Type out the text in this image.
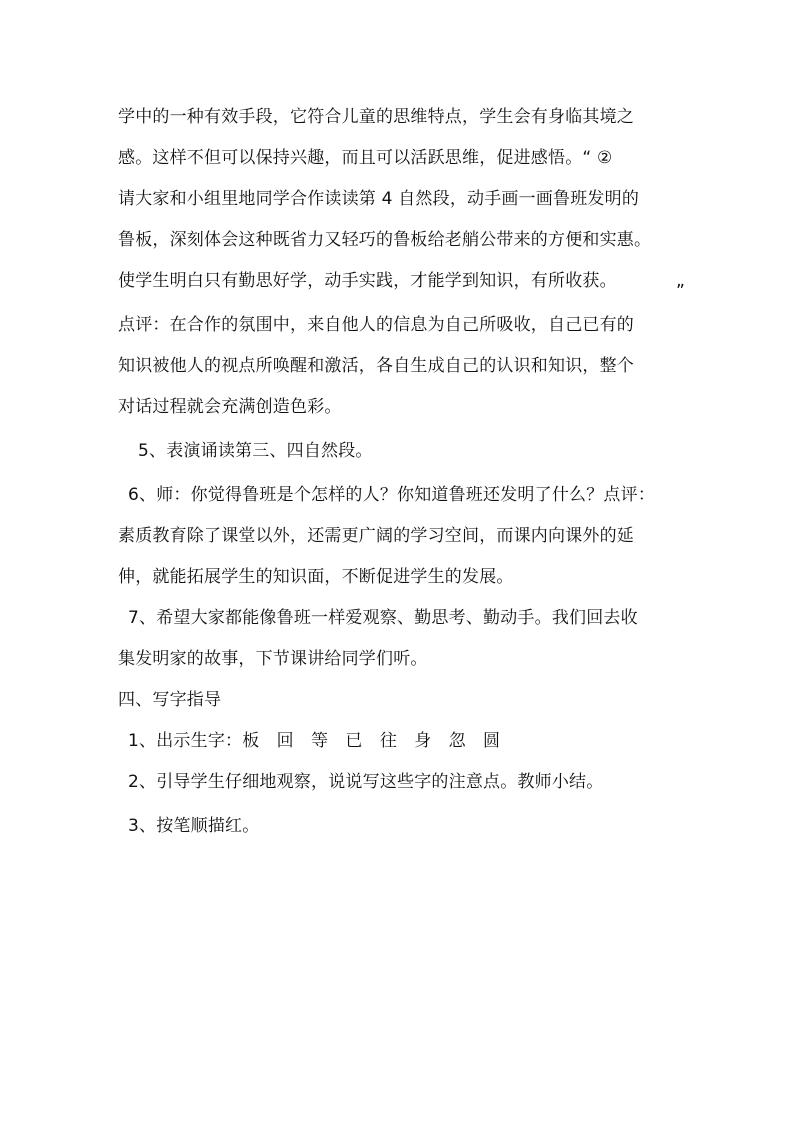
学中的一种有效手段，它符合儿童的思维特点，学生会有身临其境之
感。这样不但可以保持兴趣，而且可以活跃思维，促进感悟。“ ②
请大家和小组里地同学合作读读第 4 自然段，动手画一画鲁班发明的
鲁板，深刻体会这种既省力又轻巧的鲁板给老艄公带来的方便和实惠。
使学生明白只有勤思好学，动手实践，才能学到知识，有所收获。	„
点评：在合作的氛围中，来自他人的信息为自己所吸收，自己已有的
知识被他人的视点所唤醒和激活，各自生成自己的认识和知识，整个
对话过程就会充满创造色彩。
5、表演诵读第三、四自然段。
6、师：你觉得鲁班是个怎样的人？你知道鲁班还发明了什么？点评：
素质教育除了课堂以外，还需更广阔的学习空间，而课内向课外的延
伸，就能拓展学生的知识面，不断促进学生的发展。
7、希望大家都能像鲁班一样爱观察、勤思考、勤动手。我们回去收
集发明家的故事，下节课讲给同学们听。
四、写字指导
1、出示生字：板　回　等　已　往　身　忽　圆
2、引导学生仔细地观察，说说写这些字的注意点。教师小结。
3、按笔顺描红。
